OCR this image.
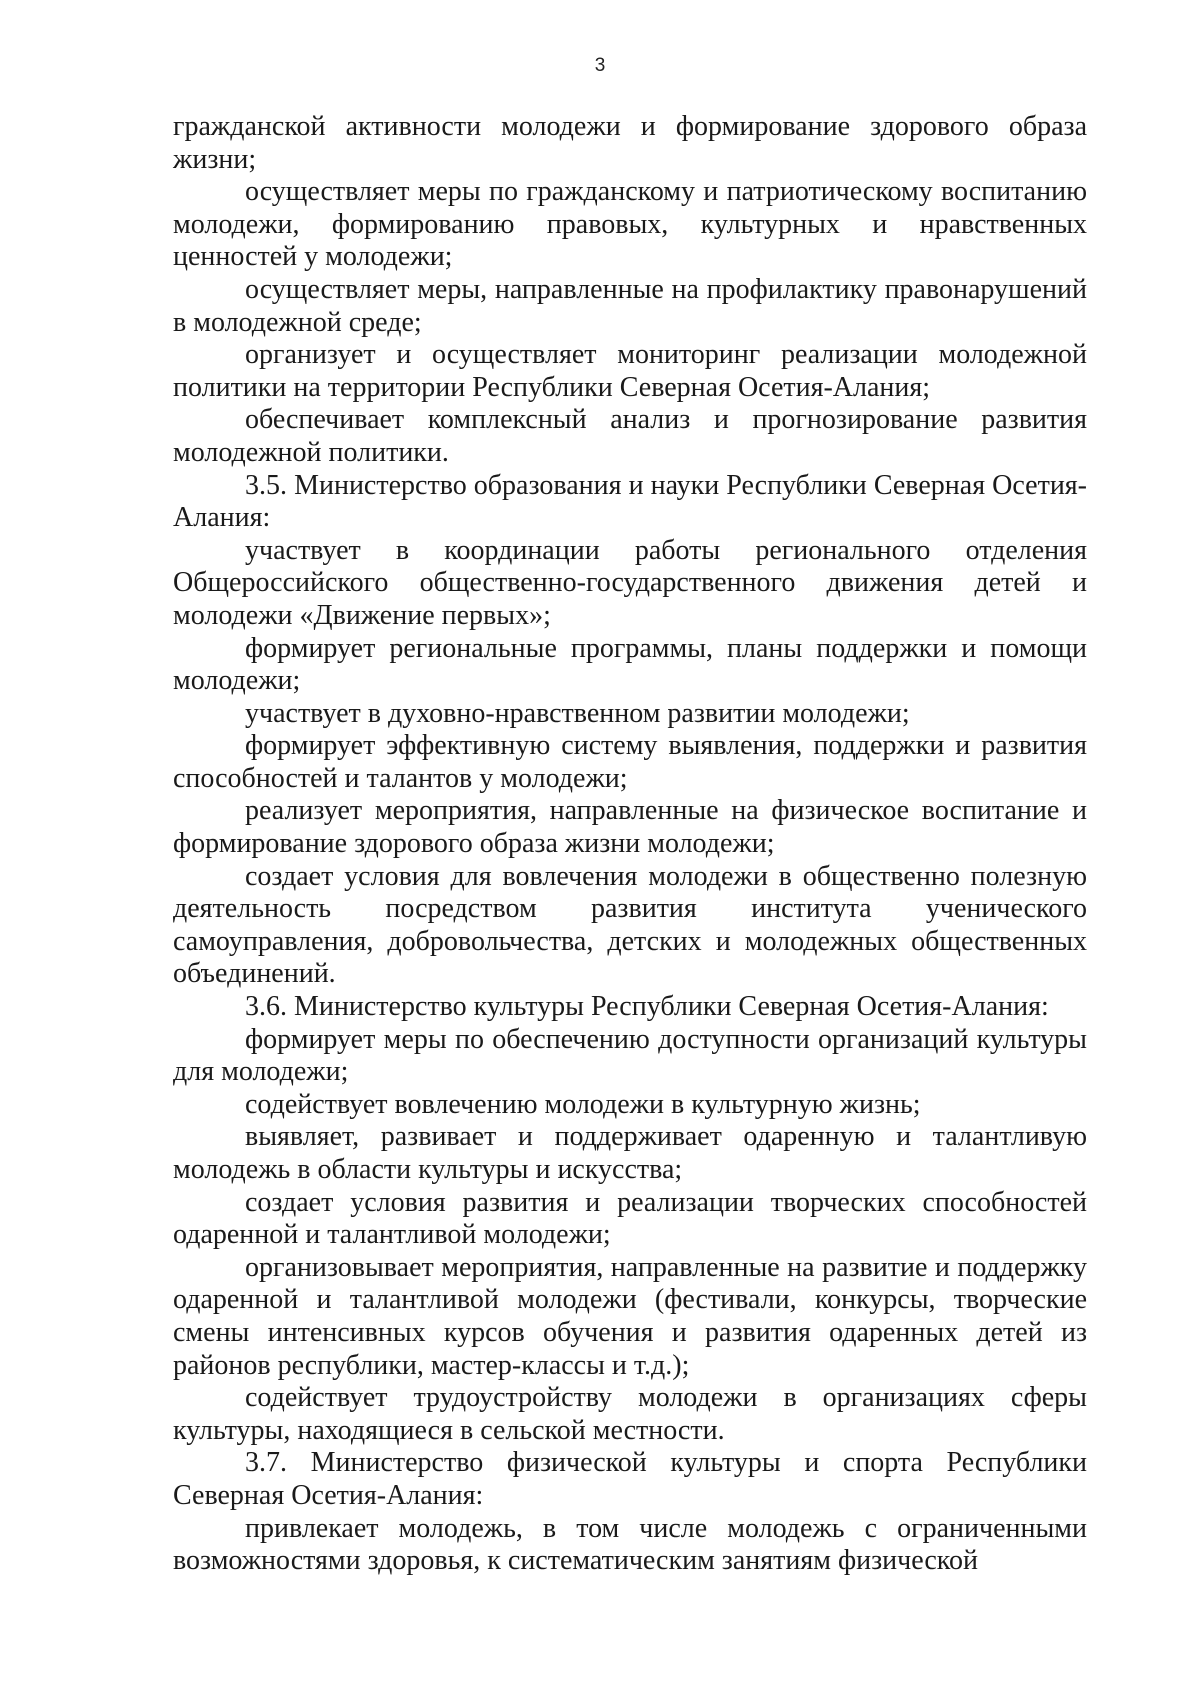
3

гражданской активности молодежи и формирование здорового образа жизни;

осуществляет меры по гражданскому и патриотическому воспитанию молодежи, формированию правовых, культурных и нравственных ценностей у молодежи;

осуществляет меры, направленные на профилактику правонарушений в молодежной среде;

организует и осуществляет мониторинг реализации молодежной политики на территории Республики Северная Осетия-Алания;

обеспечивает комплексный анализ и прогнозирование развития молодежной политики.

3.5. Министерство образования и науки Республики Северная Осетия-Алания:

участвует в координации работы регионального отделения Общероссийского общественно-государственного движения детей и молодежи «Движение первых»;

формирует региональные программы, планы поддержки и помощи молодежи;

участвует в духовно-нравственном развитии молодежи;

формирует эффективную систему выявления, поддержки и развития способностей и талантов у молодежи;

реализует мероприятия, направленные на физическое воспитание и формирование здорового образа жизни молодежи;

создает условия для вовлечения молодежи в общественно полезную деятельность посредством развития института ученического самоуправления, добровольчества, детских и молодежных общественных объединений.

3.6. Министерство культуры Республики Северная Осетия-Алания:

формирует меры по обеспечению доступности организаций культуры для молодежи;

содействует вовлечению молодежи в культурную жизнь;

выявляет, развивает и поддерживает одаренную и талантливую молодежь в области культуры и искусства;

создает условия развития и реализации творческих способностей одаренной и талантливой молодежи;

организовывает мероприятия, направленные на развитие и поддержку одаренной и талантливой молодежи (фестивали, конкурсы, творческие смены интенсивных курсов обучения и развития одаренных детей из районов республики, мастер-классы и т.д.);

содействует трудоустройству молодежи в организациях сферы культуры, находящиеся в сельской местности.

3.7. Министерство физической культуры и спорта Республики Северная Осетия-Алания:

привлекает молодежь, в том числе молодежь с ограниченными возможностями здоровья, к систематическим занятиям физической
